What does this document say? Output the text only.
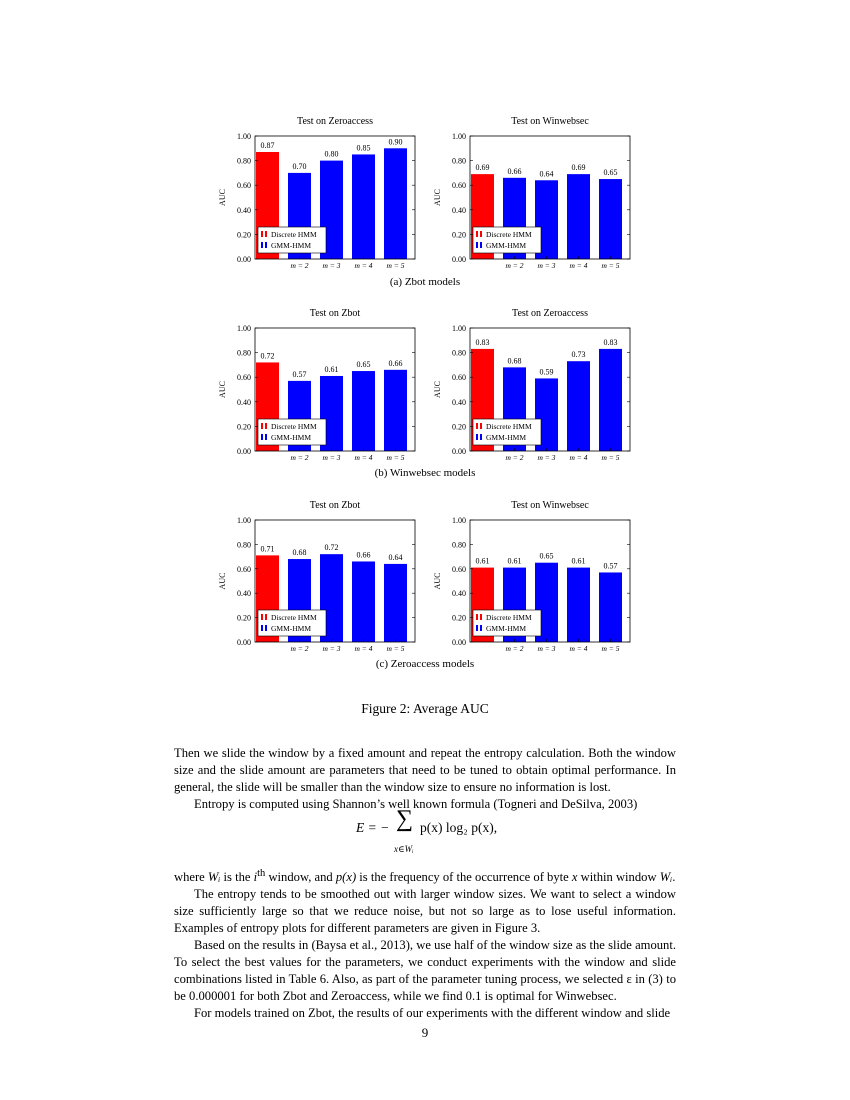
0.87
0.70
0.80
0.85
0.90
0.00
0.20
0.40
0.60
0.80
1.00
m = 2 m = 3 m = 4 m = 5
Test on Zeroaccess
AUC
Discrete HMM
GMM-HMM
0.69 0.66 0.64
0.69
0.65
0.00
0.20
0.40
0.60
0.80
1.00
m = 2 m = 3 m = 4 m = 5
Test on Winwebsec
AUC
Discrete HMM
GMM-HMM
0.72
0.57
0.61
0.65 0.66
0.00
0.20
0.40
0.60
0.80
1.00
m = 2 m = 3 m = 4 m = 5
Test on Zbot
AUC
Discrete HMM
GMM-HMM
0.83
0.68
0.59
0.73
0.83
0.00
0.20
0.40
0.60
0.80
1.00
m = 2 m = 3 m = 4 m = 5
Test on Zeroaccess
AUC
Discrete HMM
GMM-HMM
0.71 0.68
0.72
0.66 0.64
0.00
0.20
0.40
0.60
0.80
1.00
m = 2 m = 3 m = 4 m = 5
Test on Zbot
AUC
Discrete HMM
GMM-HMM
0.61 0.61
0.65
0.61
0.57
0.00
0.20
0.40
0.60
0.80
1.00
m = 2 m = 3 m = 4 m = 5
Test on Winwebsec
AUC
Discrete HMM
GMM-HMM
(a) Zbot models
(b) Winwebsec models
(c) Zeroaccess models
Figure 2: Average AUC

Then we slide the window by a fixed amount and repeat the entropy calculation. Both the window size and the slide amount are parameters that need to be tuned to obtain optimal performance. In general, the slide will be smaller than the window size to ensure no information is lost.

Entropy is computed using Shannon’s well known formula (Togneri and DeSilva, 2003)

E = − ∑ p(x) log₂ p(x),
x∈Wᵢ

where Wᵢ is the $i^{th}$ window, and p(x) is the frequency of the occurrence of byte x within window Wᵢ.

The entropy tends to be smoothed out with larger window sizes. We want to select a window size sufficiently large so that we reduce noise, but not so large as to lose useful information. Examples of entropy plots for different parameters are given in Figure 3.

Based on the results in (Baysa et al., 2013), we use half of the window size as the slide amount. To select the best values for the parameters, we conduct experiments with the window and slide combinations listed in Table 6. Also, as part of the parameter tuning process, we selected ε in (3) to be 0.000001 for both Zbot and Zeroaccess, while we find 0.1 is optimal for Winwebsec.

For models trained on Zbot, the results of our experiments with the different window and slide

9
